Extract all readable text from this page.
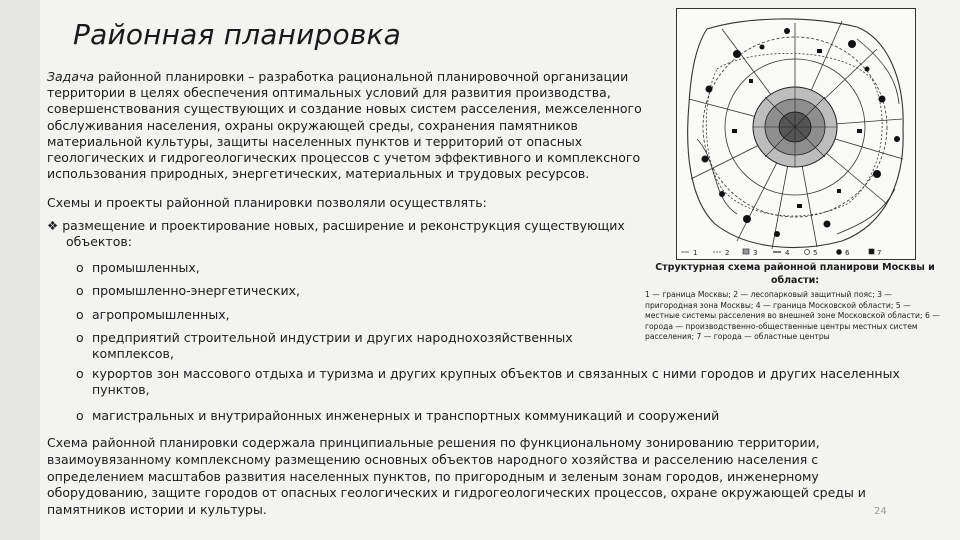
Районная планировка
Задача районной планировки – разработка рациональной планировочной организации
территории в целях обеспечения оптимальных условий для развития производства,
совершенствования существующих и создание новых систем расселения, межселенного
обслуживания населения, охраны окружающей среды, сохранения памятников
материальной культуры, защиты населенных пунктов и территорий от опасных
геологических и гидрогеологических процессов с учетом эффективного и комплексного
использования природных, энергетических, материальных и трудовых ресурсов.
Схемы и проекты районной планировки позволяли осуществлять:
❖ размещение и проектирование новых, расширение и реконструкция существующих
объектов:
o промышленных,
o промышленно-энергетических,
o агропромышленных,
o предприятий строительной индустрии и других народнохозяйственных
комплексов,
o курортов зон массового отдыха и туризма и других крупных объектов и связанных с ними городов и других населенных
пунктов,
o магистральных и внутрирайонных инженерных и транспортных коммуникаций и сооружений
Схема районной планировки содержала принципиальные решения по функциональному зонированию территории,
взаимоувязанному комплексному размещению основных объектов народного хозяйства и расселению населения с
определением масштабов развития населенных пунктов, по пригородным и зеленым зонам городов, инженерному
оборудованию, защите городов от опасных геологических и гидрогеологических процессов, охране окружающей среды и
памятников истории и культуры.	24
1	2	3	4	5	6	7
Структурная схема районной планирови Москвы и области:
1 — граница Москвы; 2 — лесопарковый защитный пояс; 3 — пригородная зона Москвы; 4 — граница Московской области; 5 — местные системы расселения во внешней зоне Московской области; 6 — города — производственно-общественные центры местных систем расселения; 7 — города — областные центры
